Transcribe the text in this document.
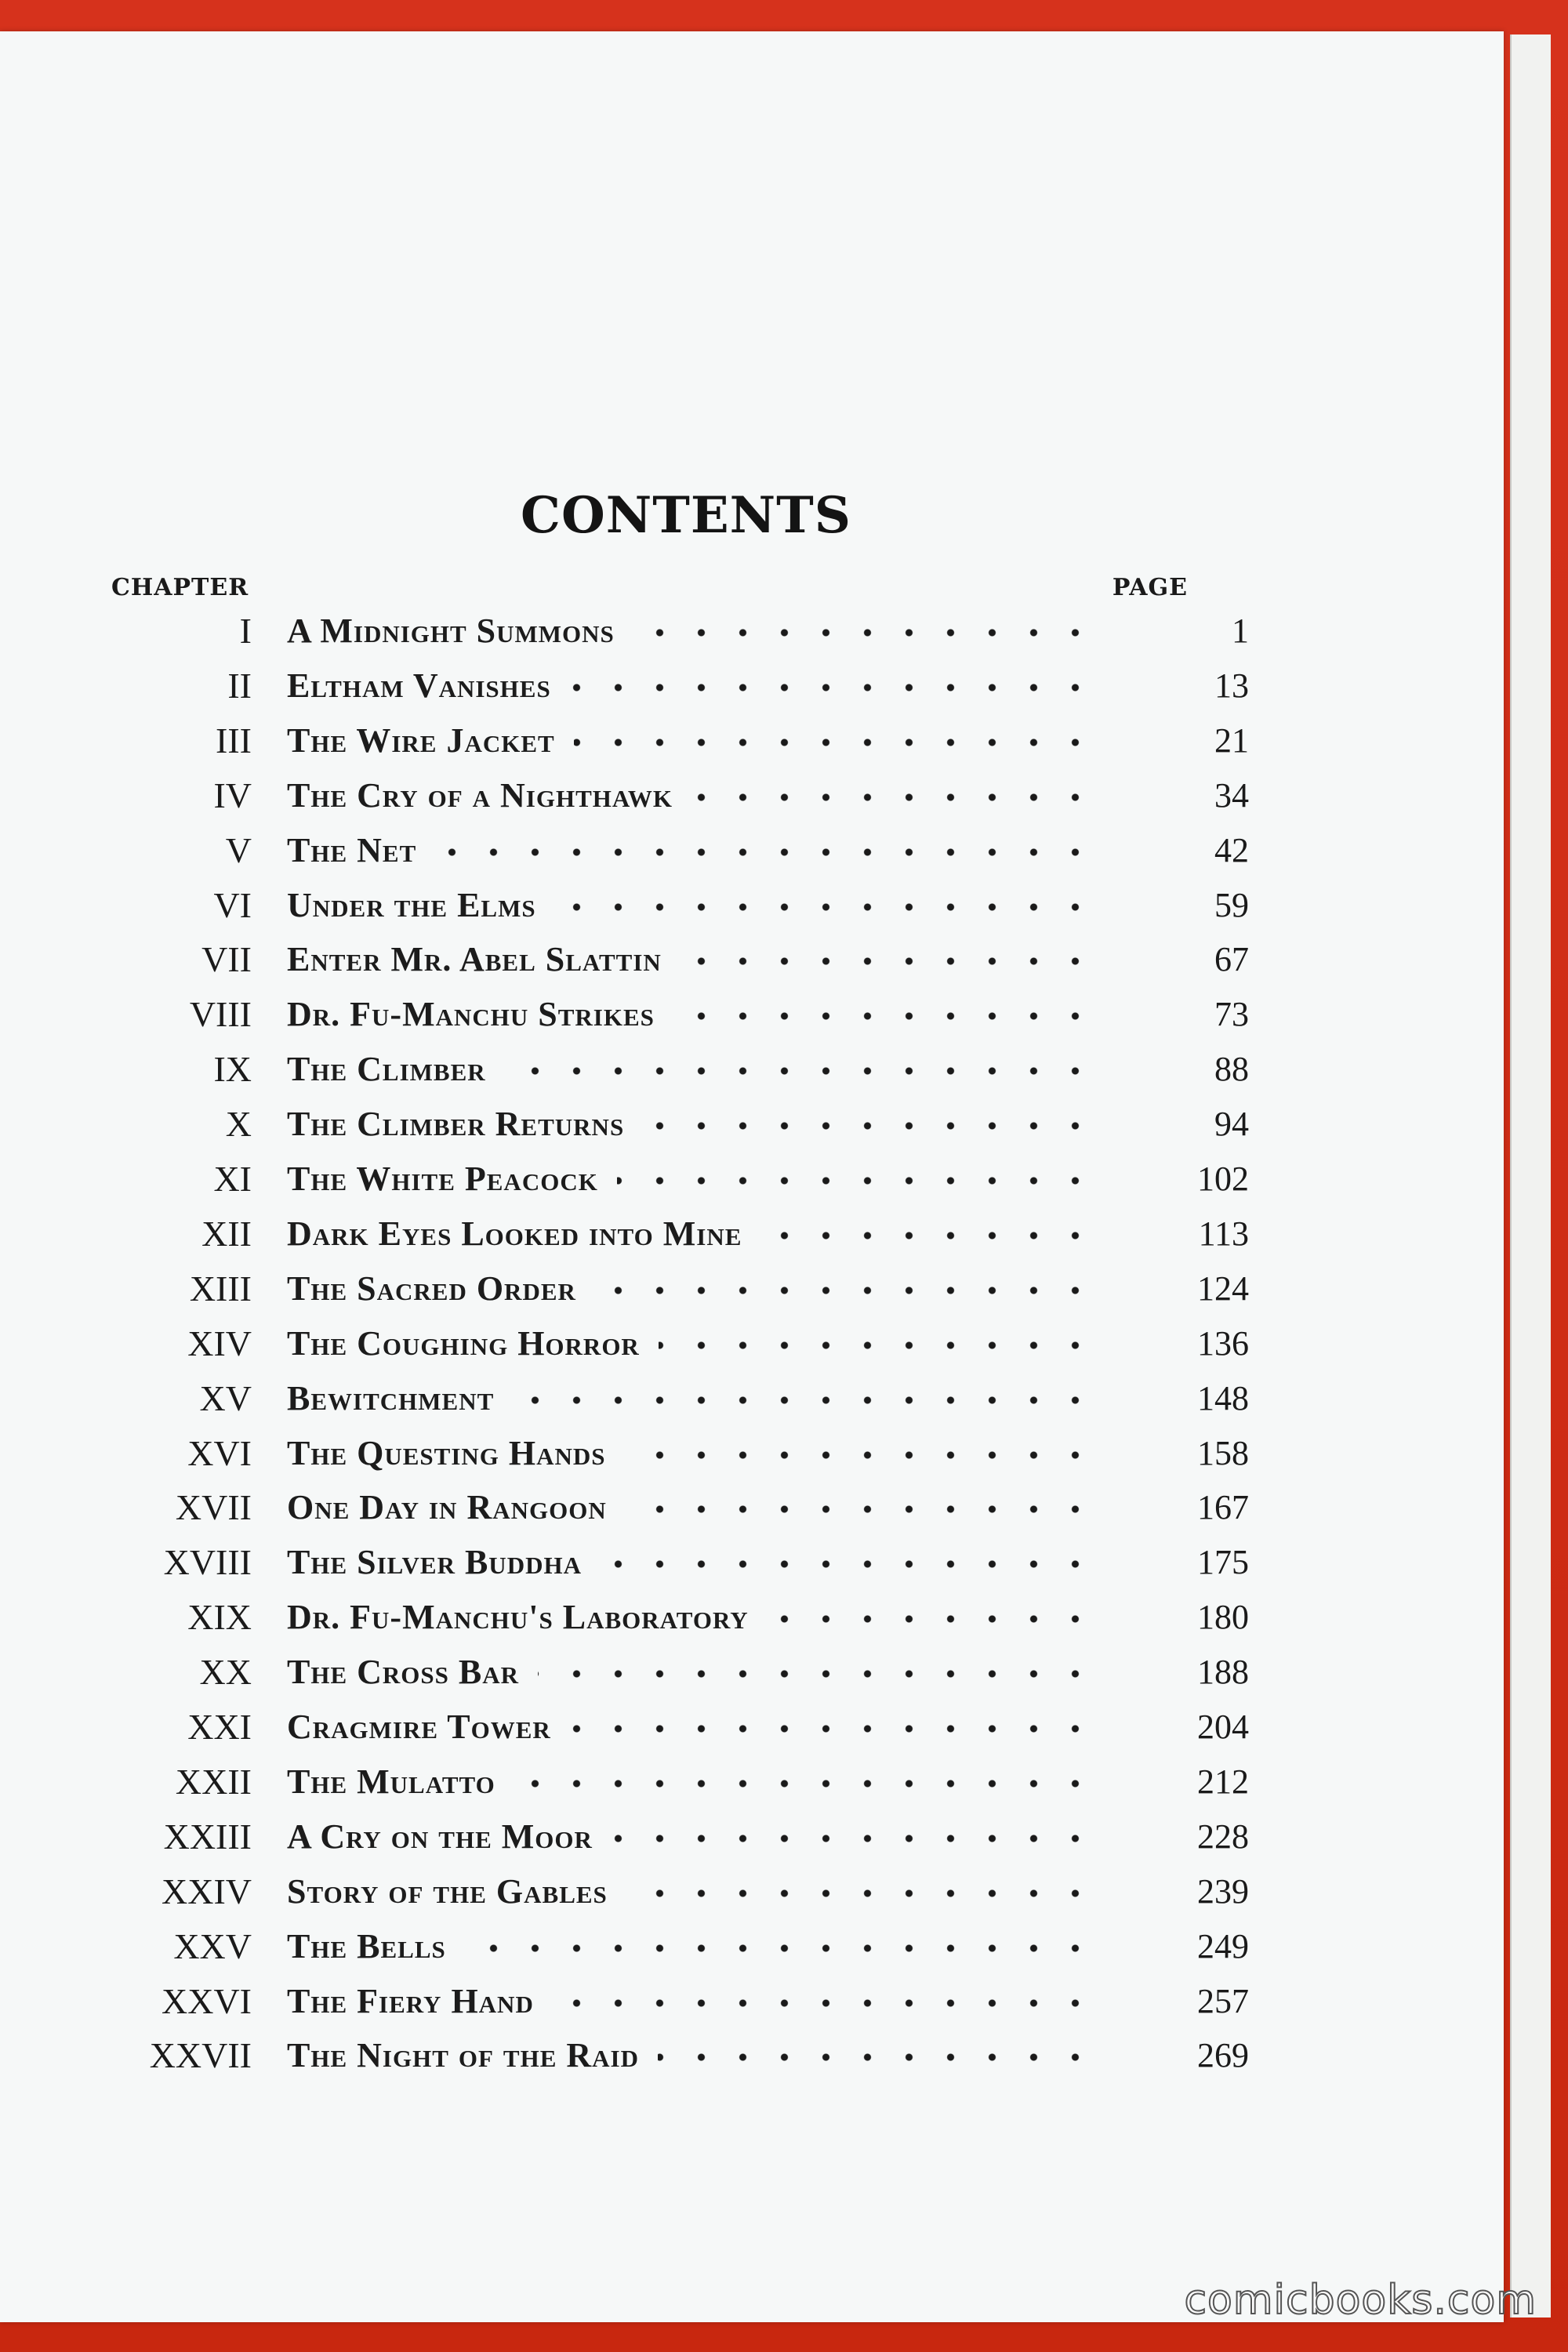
CONTENTS
CHAPTER	PAGE
I A Midnight Summons	1
II Eltham Vanishes	13
III The Wire Jacket	21
IV The Cry of a Nighthawk	34
V The Net	42
VI Under the Elms	59
VII Enter Mr. Abel Slattin	67
VIII Dr. Fu-Manchu Strikes	73
IX The Climber	88
X The Climber Returns	94
XI The White Peacock	102
XII Dark Eyes Looked into Mine	113
XIII The Sacred Order	124
XIV The Coughing Horror	136
XV Bewitchment	148
XVI The Questing Hands	158
XVII One Day in Rangoon	167
XVIII The Silver Buddha	175
XIX Dr. Fu-Manchu's Laboratory	180
XX The Cross Bar	188
XXI Cragmire Tower	204
XXII The Mulatto	212
XXIII A Cry on the Moor	228
XXIV Story of the Gables	239
XXV The Bells	249
XXVI The Fiery Hand	257
XXVII The Night of the Raid	269
comicbooks.com
